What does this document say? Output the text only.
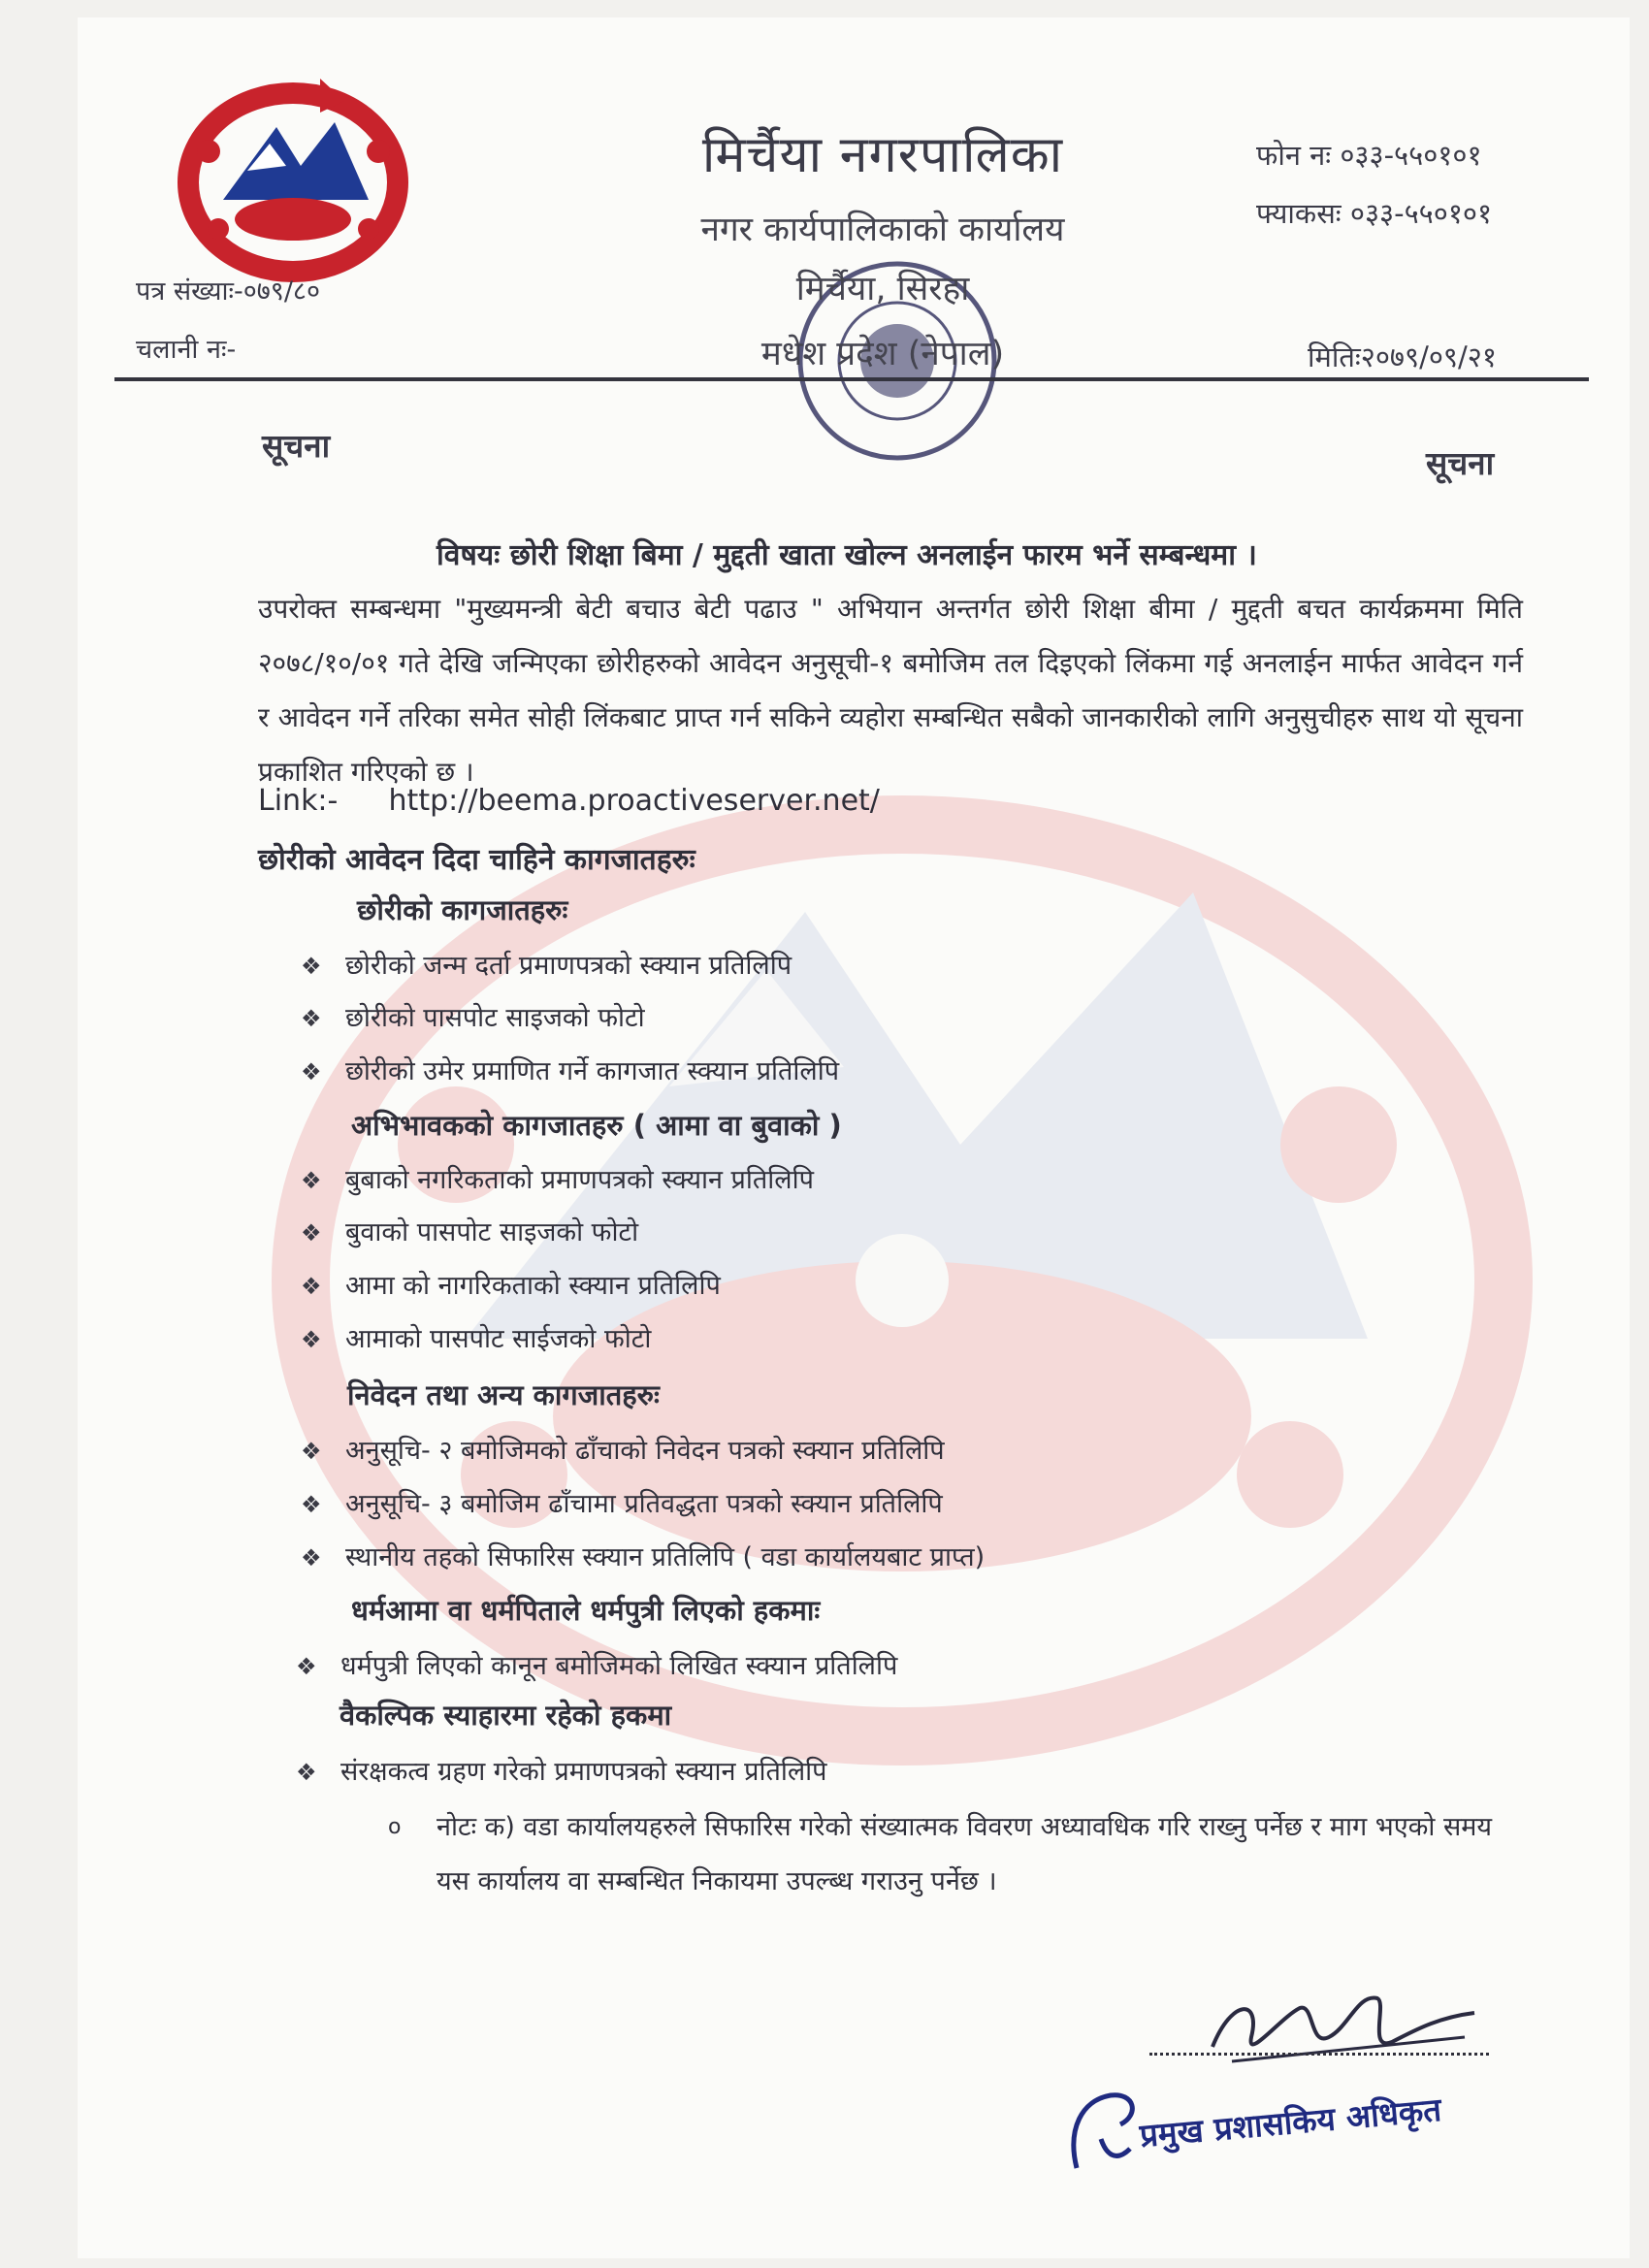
मिर्चैया नगरपालिका
नगर कार्यपालिकाको कार्यालय
मिर्चैया, सिरहा
मधेश प्रदेश (नेपाल)
फोन नः ०३३-५५०१०१
फ्याकसः ०३३-५५०१०१
पत्र संख्याः-०७९/८०
चलानी नः-	मितिः२०७९/०९/२१
सूचना	सूचना
विषयः छोरी शिक्षा बिमा / मुद्दती खाता खोल्न अनलाईन फारम भर्ने सम्बन्धमा ।
उपरोक्त सम्बन्धमा "मुख्यमन्त्री बेटी बचाउ बेटी पढाउ " अभियान अन्तर्गत छोरी शिक्षा बीमा / मुद्दती बचत कार्यक्रममा मिति २०७८/१०/०१ गते देखि जन्मिएका छोरीहरुको आवेदन अनुसूची-१ बमोजिम तल दिइएको लिंकमा गई अनलाईन मार्फत आवेदन गर्न र आवेदन गर्ने तरिका समेत सोही लिंकबाट प्राप्त गर्न सकिने व्यहोरा सम्बन्धित सबैको जानकारीको लागि अनुसुचीहरु साथ यो सूचना प्रकाशित गरिएको छ ।
Link:- http://beema.proactiveserver.net/
छोरीको आवेदन दिदा चाहिने कागजातहरुः
छोरीको कागजातहरुः
❖ छोरीको जन्म दर्ता प्रमाणपत्रको स्क्यान प्रतिलिपि
❖ छोरीको पासपोट साइजको फोटो
❖ छोरीको उमेर प्रमाणित गर्ने कागजात स्क्यान प्रतिलिपि
अभिभावकको कागजातहरु ( आमा वा बुवाको )
❖ बुबाको नगरिकताको प्रमाणपत्रको स्क्यान प्रतिलिपि
❖ बुवाको पासपोट साइजको फोटो
❖ आमा को नागरिकताको स्क्यान प्रतिलिपि
❖ आमाको पासपोट साईजको फोटो
निवेदन तथा अन्य कागजातहरुः
❖ अनुसूचि- २ बमोजिमको ढाँचाको निवेदन पत्रको स्क्यान प्रतिलिपि
❖ अनुसूचि- ३ बमोजिम ढाँचामा प्रतिवद्धता पत्रको स्क्यान प्रतिलिपि
❖ स्थानीय तहको सिफारिस स्क्यान प्रतिलिपि ( वडा कार्यालयबाट प्राप्त)
धर्मआमा वा धर्मपिताले धर्मपुत्री लिएको हकमाः
❖ धर्मपुत्री लिएको कानून बमोजिमको लिखित स्क्यान प्रतिलिपि
वैकल्पिक स्याहारमा रहेको हकमा
❖ संरक्षकत्व ग्रहण गरेको प्रमाणपत्रको स्क्यान प्रतिलिपि
o नोटः क) वडा कार्यालयहरुले सिफारिस गरेको संख्यात्मक विवरण अध्यावधिक गरि राख्नु पर्नेछ र माग भएको समय यस कार्यालय वा सम्बन्धित निकायमा उपल्ब्ध गराउनु पर्नेछ ।
प्रमुख प्रशासकिय अधिकृत
